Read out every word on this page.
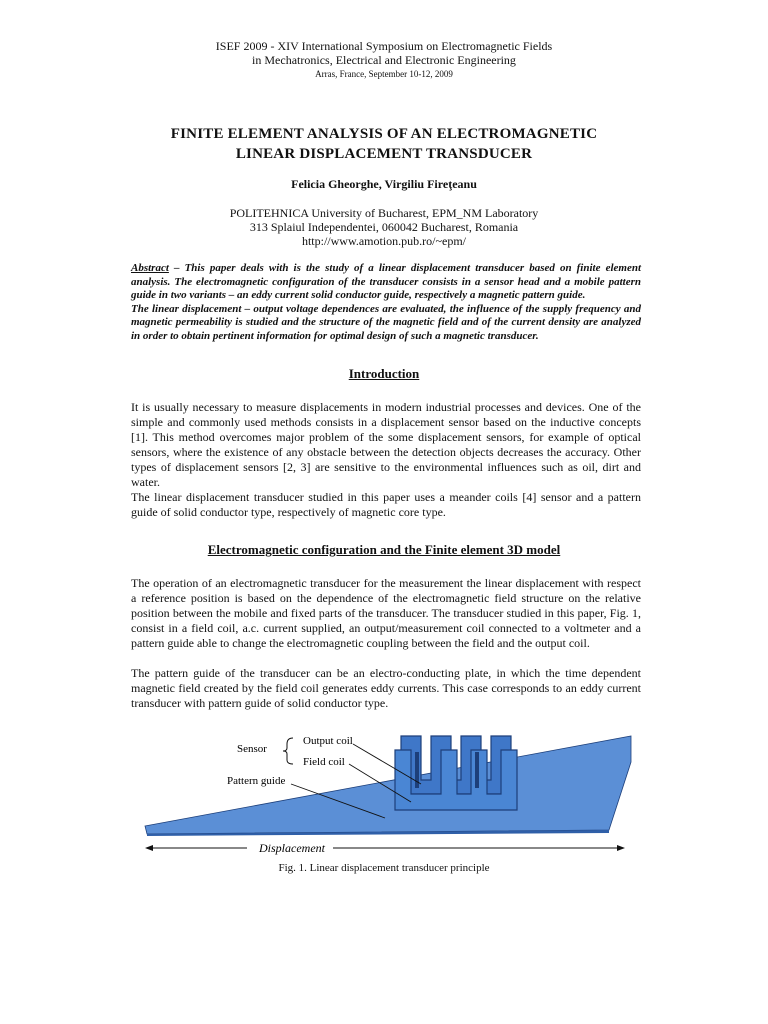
ISEF 2009 - XIV International Symposium on Electromagnetic Fields
in Mechatronics, Electrical and Electronic Engineering
Arras, France, September 10-12, 2009
FINITE ELEMENT ANALYSIS OF AN ELECTROMAGNETIC
LINEAR DISPLACEMENT TRANSDUCER
Felicia Gheorghe, Virgiliu Fireţeanu
POLITEHNICA University of Bucharest, EPM_NM Laboratory
313 Splaiul Independentei, 060042 Bucharest, Romania
http://www.amotion.pub.ro/~epm/
Abstract – This paper deals with is the study of a linear displacement transducer based on finite element analysis. The electromagnetic configuration of the transducer consists in a sensor head and a mobile pattern guide in two variants – an eddy current solid conductor guide, respectively a magnetic pattern guide.
The linear displacement – output voltage dependences are evaluated, the influence of the supply frequency and magnetic permeability is studied and the structure of the magnetic field and of the current density are analyzed in order to obtain pertinent information for optimal design of such a magnetic transducer.
Introduction
It is usually necessary to measure displacements in modern industrial processes and devices. One of the simple and commonly used methods consists in a displacement sensor based on the inductive concepts [1]. This method overcomes major problem of the some displacement sensors, for example of optical sensors, where the existence of any obstacle between the detection objects decreases the accuracy. Other types of displacement sensors [2, 3] are sensitive to the environmental influences such as oil, dirt and water.
The linear displacement transducer studied in this paper uses a meander coils [4] sensor and a pattern guide of solid conductor type, respectively of magnetic core type.
Electromagnetic configuration and the Finite element 3D model
The operation of an electromagnetic transducer for the measurement the linear displacement with respect a reference position is based on the dependence of the electromagnetic field structure on the relative position between the mobile and fixed parts of the transducer. The transducer studied in this paper, Fig. 1, consist in a field coil, a.c. current supplied, an output/measurement coil connected to a voltmeter and a pattern guide able to change the electromagnetic coupling between the field and the output coil.
The pattern guide of the transducer can be an electro-conducting plate, in which the time dependent magnetic field created by the field coil generates eddy currents. This case corresponds to an eddy current transducer with pattern guide of solid conductor type.
Sensor
Output coil
Field coil
Pattern guide
Displacement
Fig. 1. Linear displacement transducer principle
